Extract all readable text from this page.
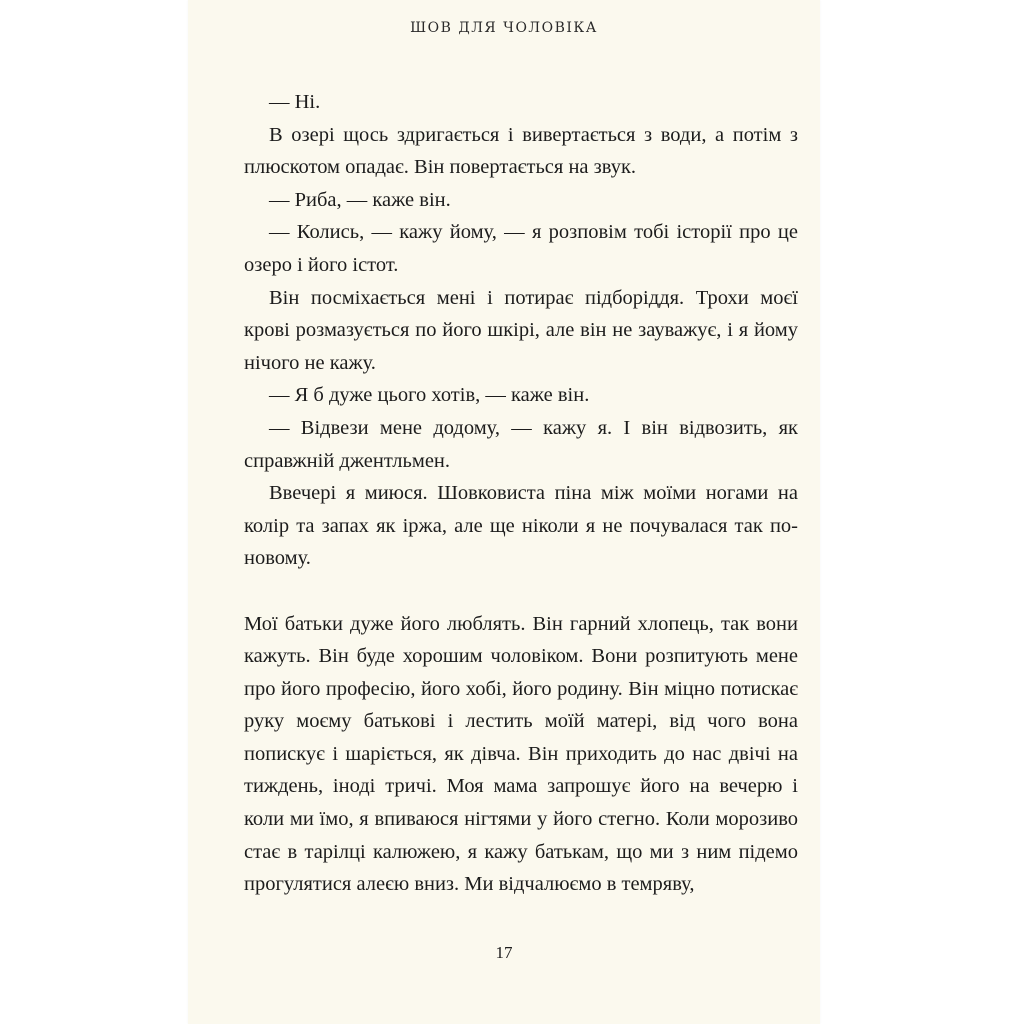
ШОВ ДЛЯ ЧОЛОВІКА

— Ні.

В озері щось здригається і вивертається з води, а потім з плюскотом опадає. Він повертається на звук.

— Риба, — каже він.

— Колись, — кажу йому, — я розповім тобі історії про це озеро і його істот.

Він посміхається мені і потирає підборіддя. Трохи моєї крові розмазується по його шкірі, але він не зауважує, і я йому нічого не кажу.

— Я б дуже цього хотів, — каже він.

— Відвези мене додому, — кажу я. І він відвозить, як справжній джентльмен.

Ввечері я миюся. Шовковиста піна між моїми ногами на колір та запах як іржа, але ще ніколи я не почувалася так по-новому.

Мої батьки дуже його люблять. Він гарний хлопець, так вони кажуть. Він буде хорошим чоловіком. Вони розпитують мене про його професію, його хобі, його родину. Він міцно потискає руку моєму батькові і лестить моїй матері, від чого вона попискує і шаріється, як дівча. Він приходить до нас двічі на тиждень, іноді тричі. Моя мама запрошує його на вечерю і коли ми їмо, я впиваюся нігтями у його стегно. Коли морозиво стає в тарілці калюжею, я кажу батькам, що ми з ним підемо прогулятися алеєю вниз. Ми відчалюємо в темряву,

17
